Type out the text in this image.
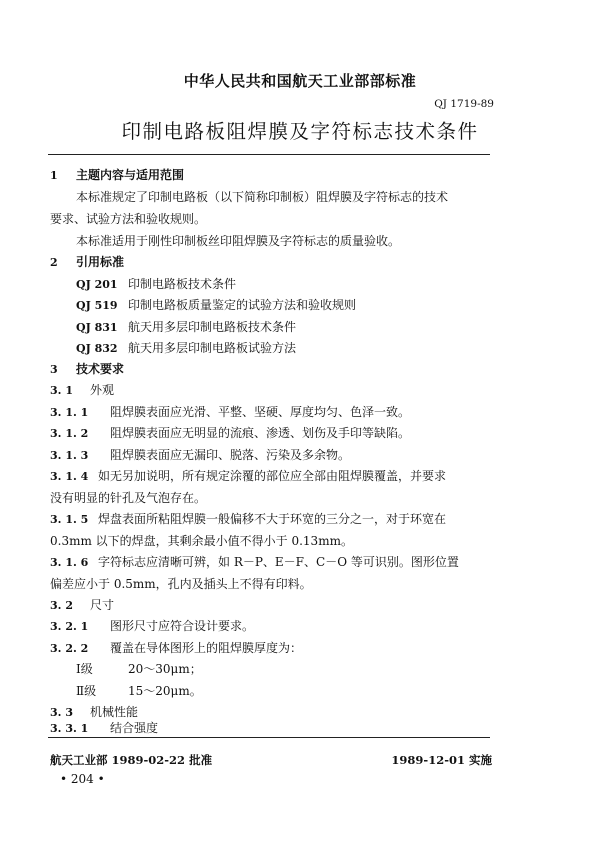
中华人民共和国航天工业部部标准
QJ 1719-89
印制电路板阻焊膜及字符标志技术条件
1 主题内容与适用范围
本标准规定了印制电路板（以下简称印制板）阻焊膜及字符标志的技术
要求、试验方法和验收规则。
本标准适用于刚性印制板丝印阻焊膜及字符标志的质量验收。
2 引用标准
QJ 201 印制电路板技术条件
QJ 519 印制电路板质量鉴定的试验方法和验收规则
QJ 831 航天用多层印制电路板技术条件
QJ 832 航天用多层印制电路板试验方法
3 技术要求
3. 1 外观
3. 1. 1 阻焊膜表面应光滑、平整、坚硬、厚度均匀、色泽一致。
3. 1. 2 阻焊膜表面应无明显的流痕、渗透、划伤及手印等缺陷。
3. 1. 3 阻焊膜表面应无漏印、脱落、污染及多余物。
3. 1. 4 如无另加说明，所有规定涂覆的部位应全部由阻焊膜覆盖，并要求
没有明显的针孔及气泡存在。
3. 1. 5 焊盘表面所粘阻焊膜一般偏移不大于环宽的三分之一，对于环宽在
0.3mm 以下的焊盘，其剩余最小值不得小于 0.13mm。
3. 1. 6 字符标志应清晰可辨，如 R－P、E－F、C－O 等可识别。图形位置
偏差应小于 0.5mm，孔内及插头上不得有印料。
3. 2 尺寸
3. 2. 1 图形尺寸应符合设计要求。
3. 2. 2 覆盖在导体图形上的阻焊膜厚度为：
Ⅰ级	20～30μm；
Ⅱ级	15～20μm。
3. 3 机械性能
3. 3. 1 结合强度
航天工业部 1989-02-22 批准	1989-12-01 实施
• 204 •
